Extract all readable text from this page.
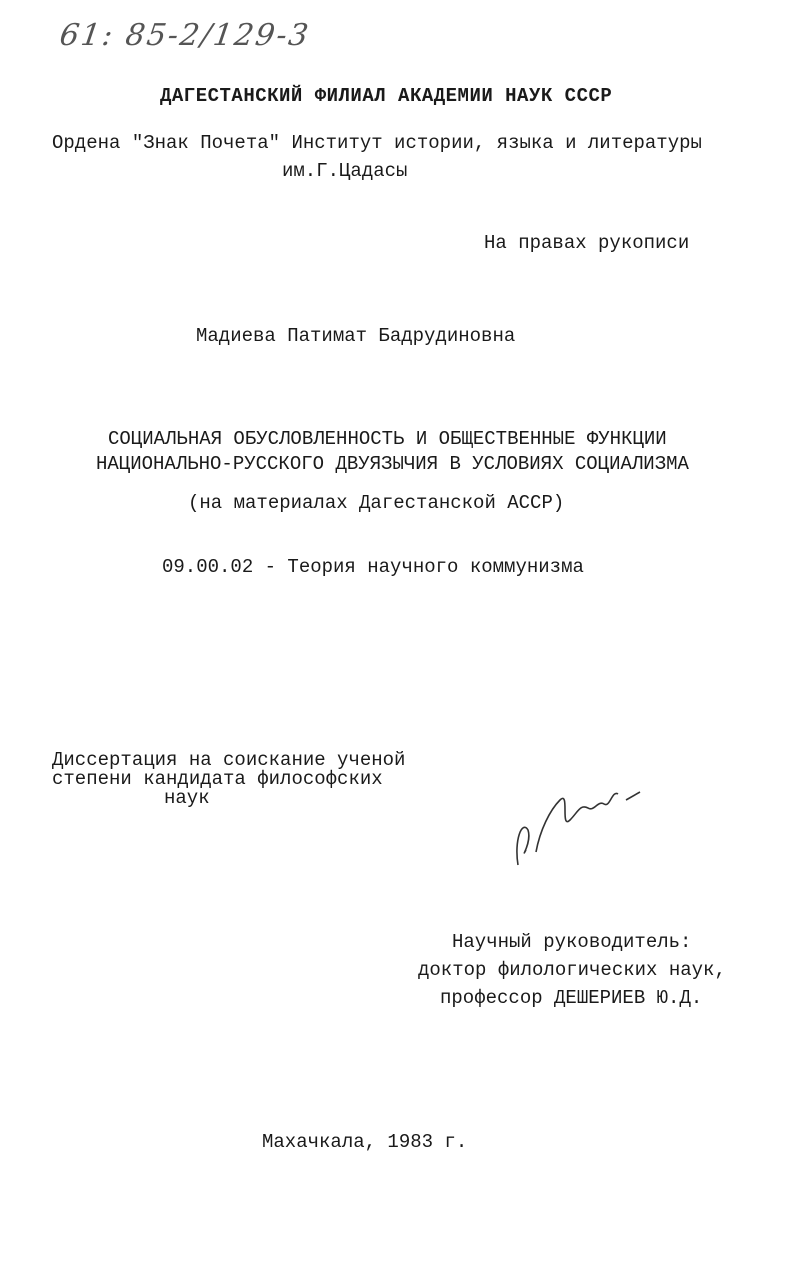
61: 85-2/129-3
ДАГЕСТАНСКИЙ ФИЛИАЛ АКАДЕМИИ НАУК СССР
Ордена "Знак Почета" Институт истории, языка и литературы
им.Г.Цадасы
На правах рукописи
Мадиева Патимат Бадрудиновна
СОЦИАЛЬНАЯ ОБУСЛОВЛЕННОСТЬ И ОБЩЕСТВЕННЫЕ ФУНКЦИИ
НАЦИОНАЛЬНО-РУССКОГО ДВУЯЗЫЧИЯ В УСЛОВИЯХ СОЦИАЛИЗМА
(на материалах Дагестанской АССР)
09.00.02 - Теория научного коммунизма
Диссертация на соискание ученой
степени кандидата философских
наук
Научный руководитель:
доктор филологических наук,
профессор ДЕШЕРИЕВ Ю.Д.
Махачкала, 1983 г.
